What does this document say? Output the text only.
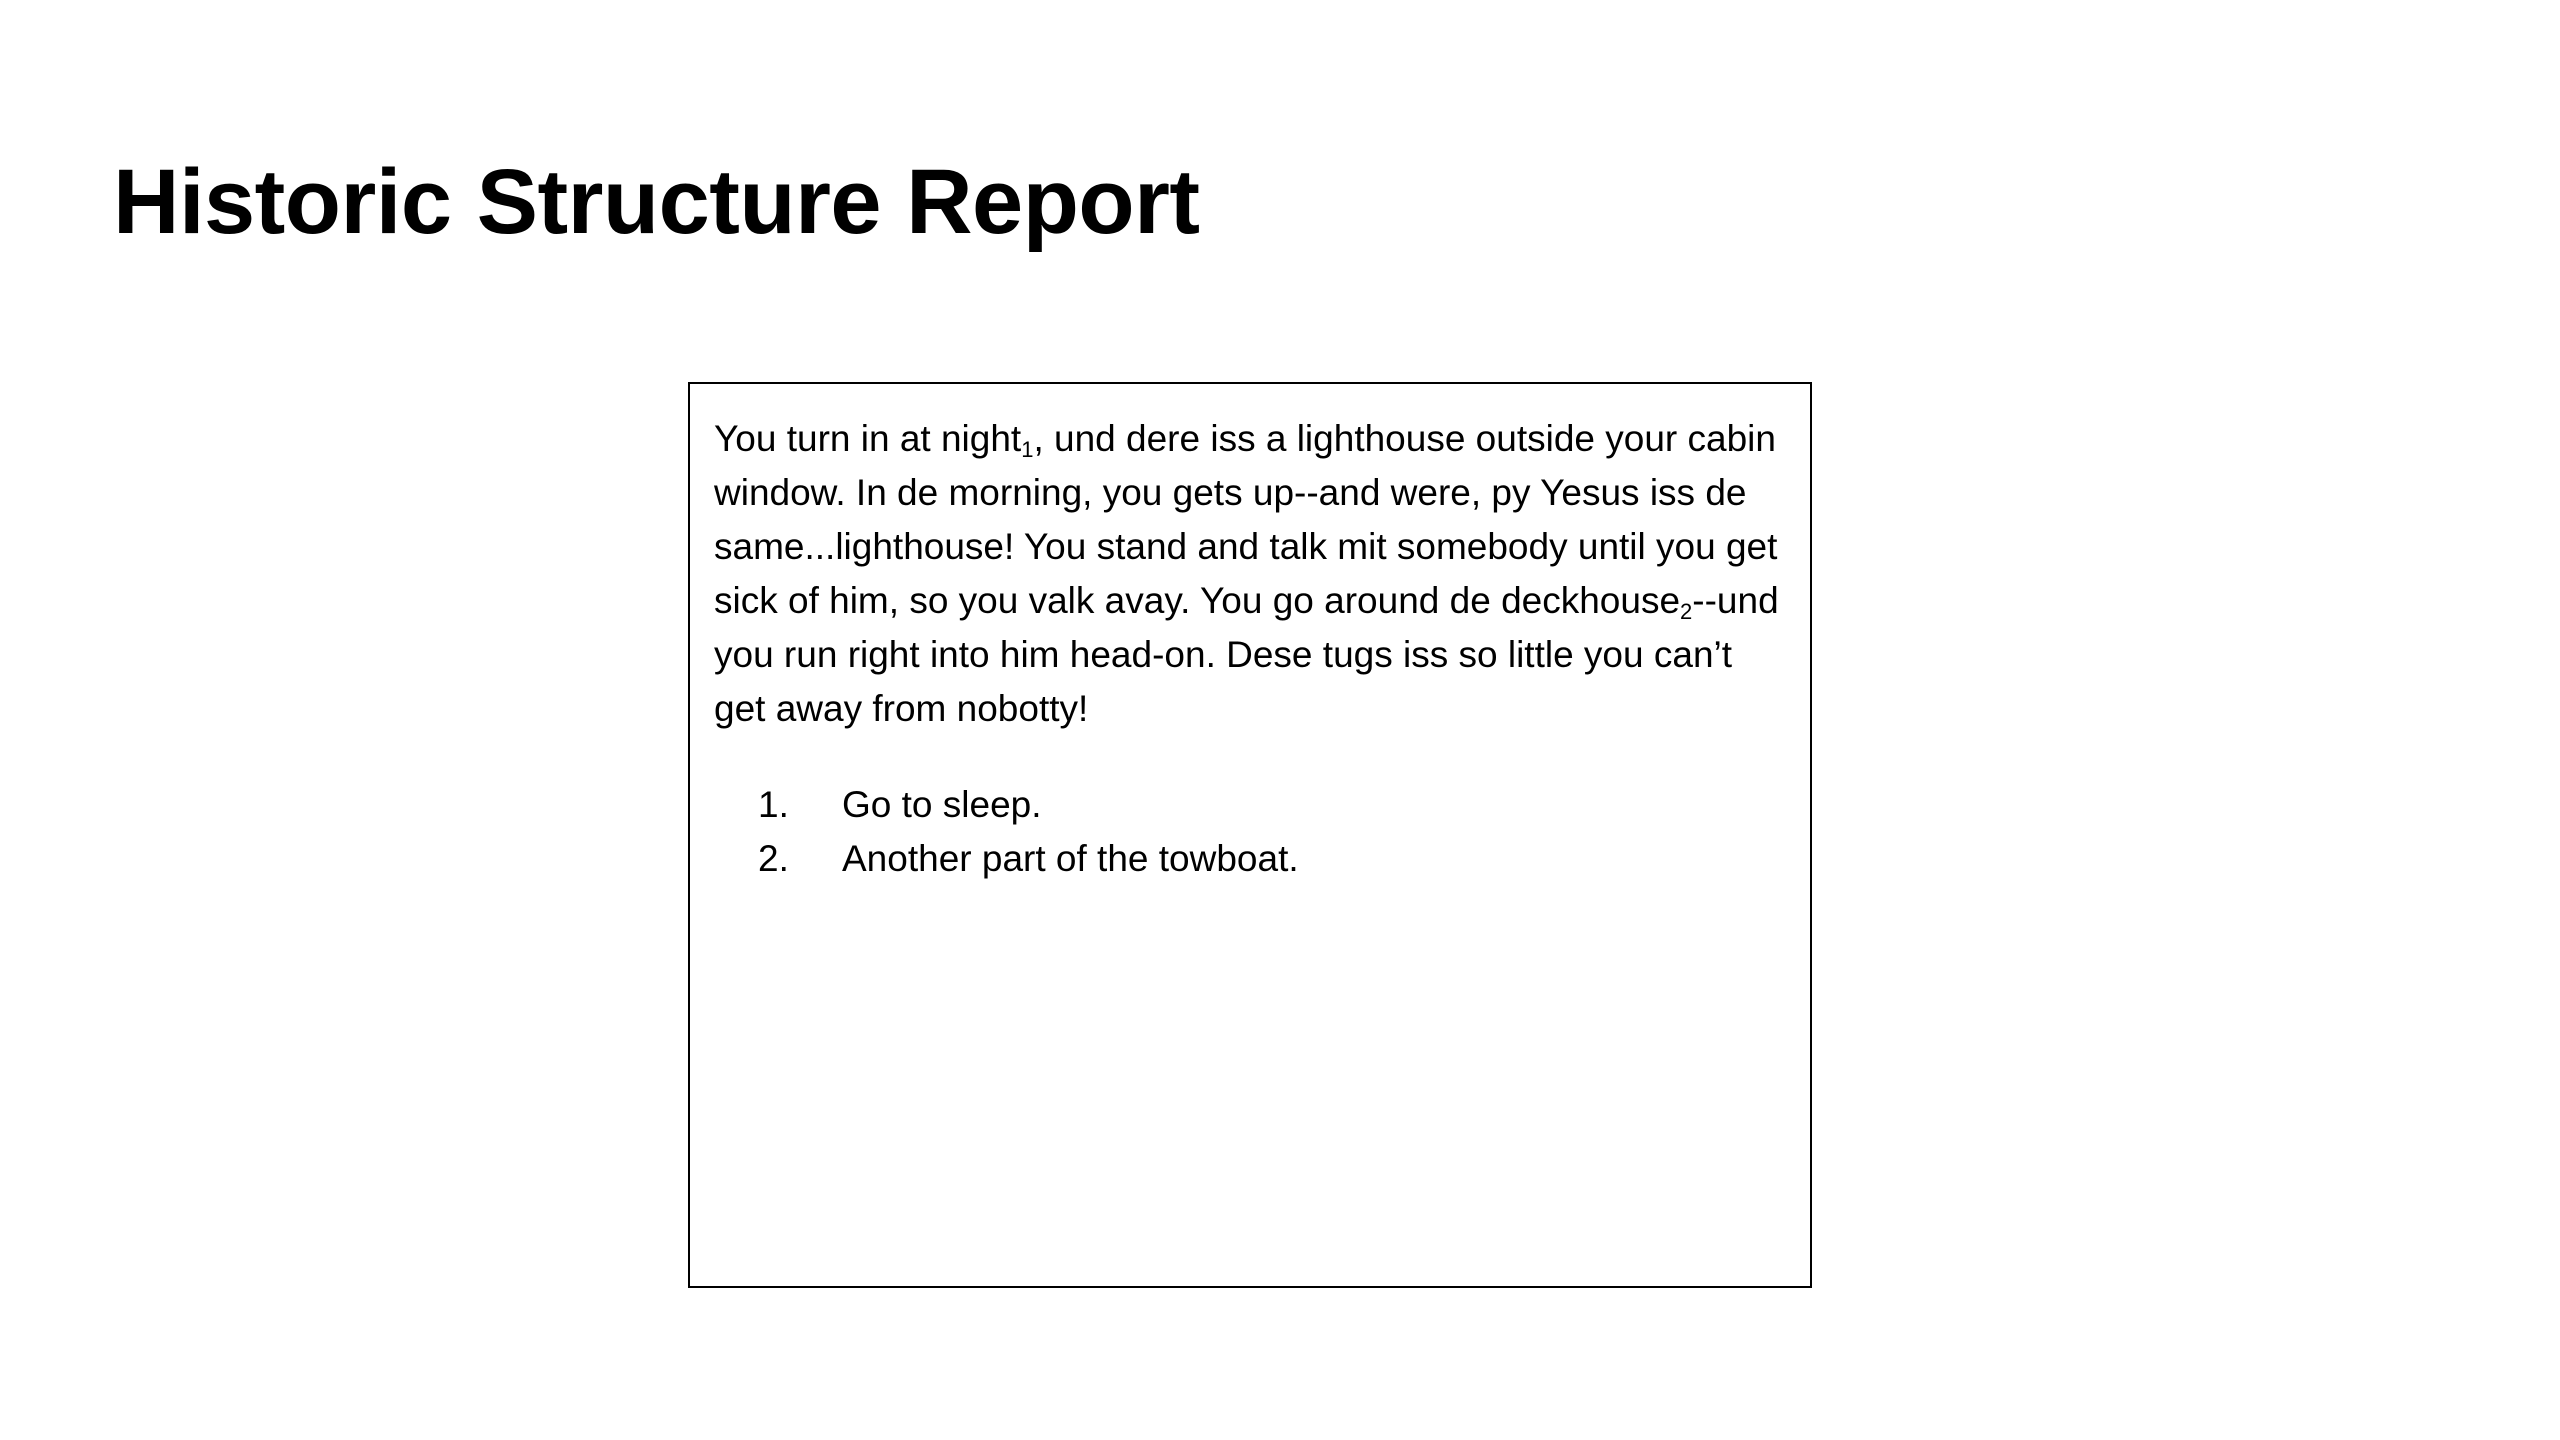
Historic Structure Report

You turn in at night$_1$, und dere iss a lighthouse outside your cabin window. In de morning, you gets up--and were, py Yesus iss de same...lighthouse! You stand and talk mit somebody until you get sick of him, so you valk avay. You go around de deckhouse$_2$--und you run right into him head-on. Dese tugs iss so little you can’t get away from nobotty!

1.	Go to sleep.
2.	Another part of the towboat.
